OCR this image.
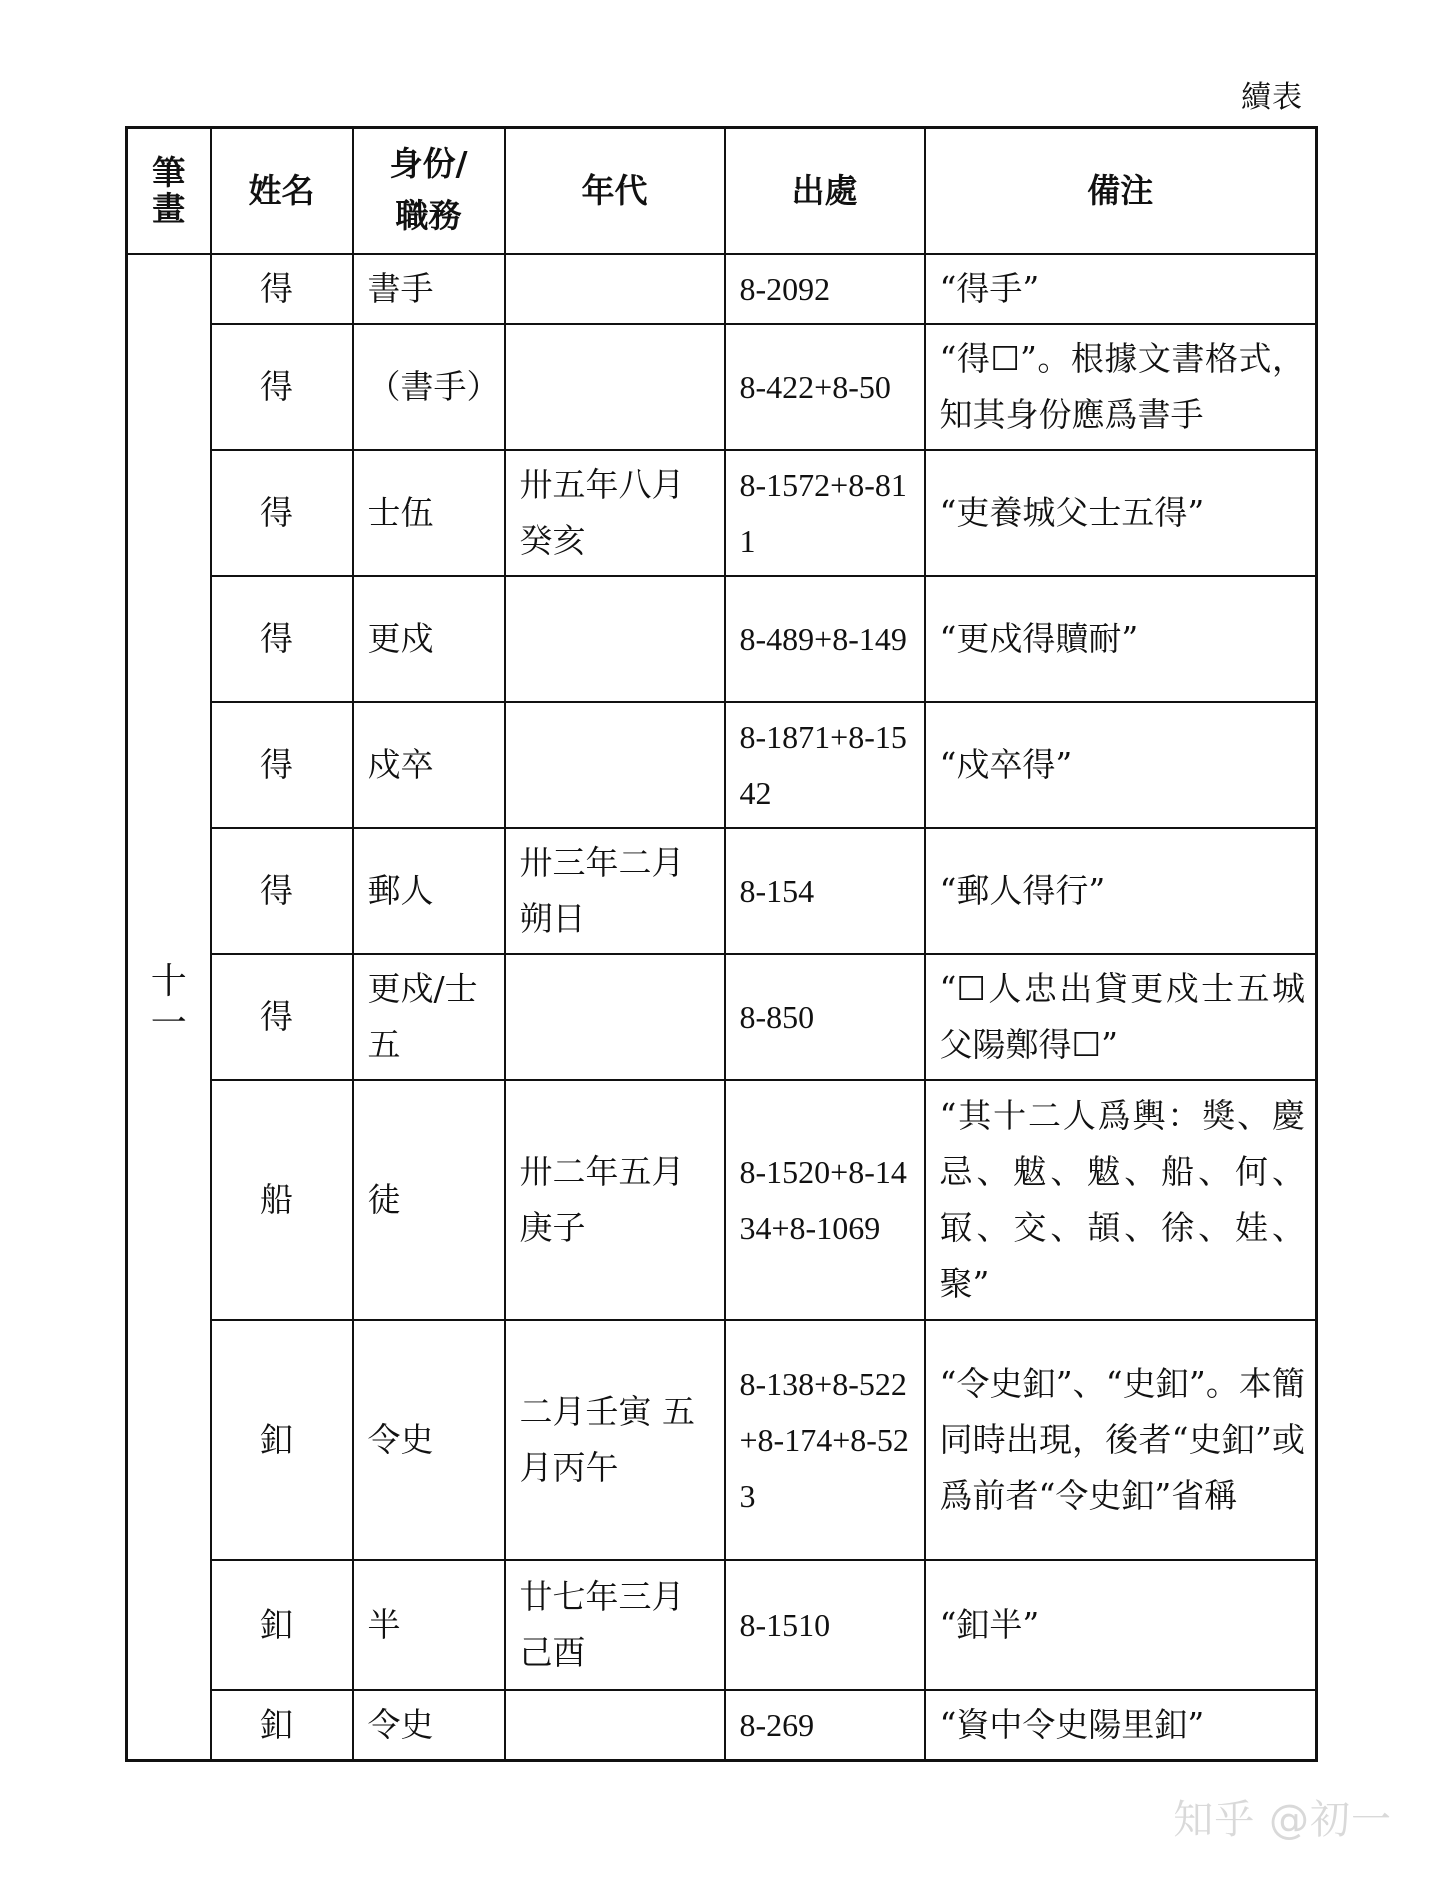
續表
筆畫	姓名	身份/職務	年代	出處	備注
十一	得	書手		8-2092	“得手”
	得	（書手）		8-422+8-50	“得☐”。根據文書格式，知其身份應爲書手
	得	士伍	卅五年八月癸亥	8-1572+8-811	“吏養城父士五得”
	得	更戍		8-489+8-149	“更戍得贖耐”
	得	戍卒		8-1871+8-1542	“戍卒得”
	得	郵人	卅三年二月朔日	8-154	“郵人得行”
	得	更戍/士五		8-850	“☐人忠出貸更戍士五城父陽鄭得☐”
	船	徒	卅二年五月庚子	8-1520+8-1434+8-1069	“其十二人爲輿：獎、慶忌、魃、魃、船、何、冣、交、頡、徐、娃、聚”
	釦	令史	二月壬寅 五月丙午	8-138+8-522+8-174+8-523	“令史釦”、“史釦”。本簡同時出現，後者“史釦”或爲前者“令史釦”省稱
	釦	半	廿七年三月己酉	8-1510	“釦半”
	釦	令史		8-269	“資中令史陽里釦”
知乎 @初一
